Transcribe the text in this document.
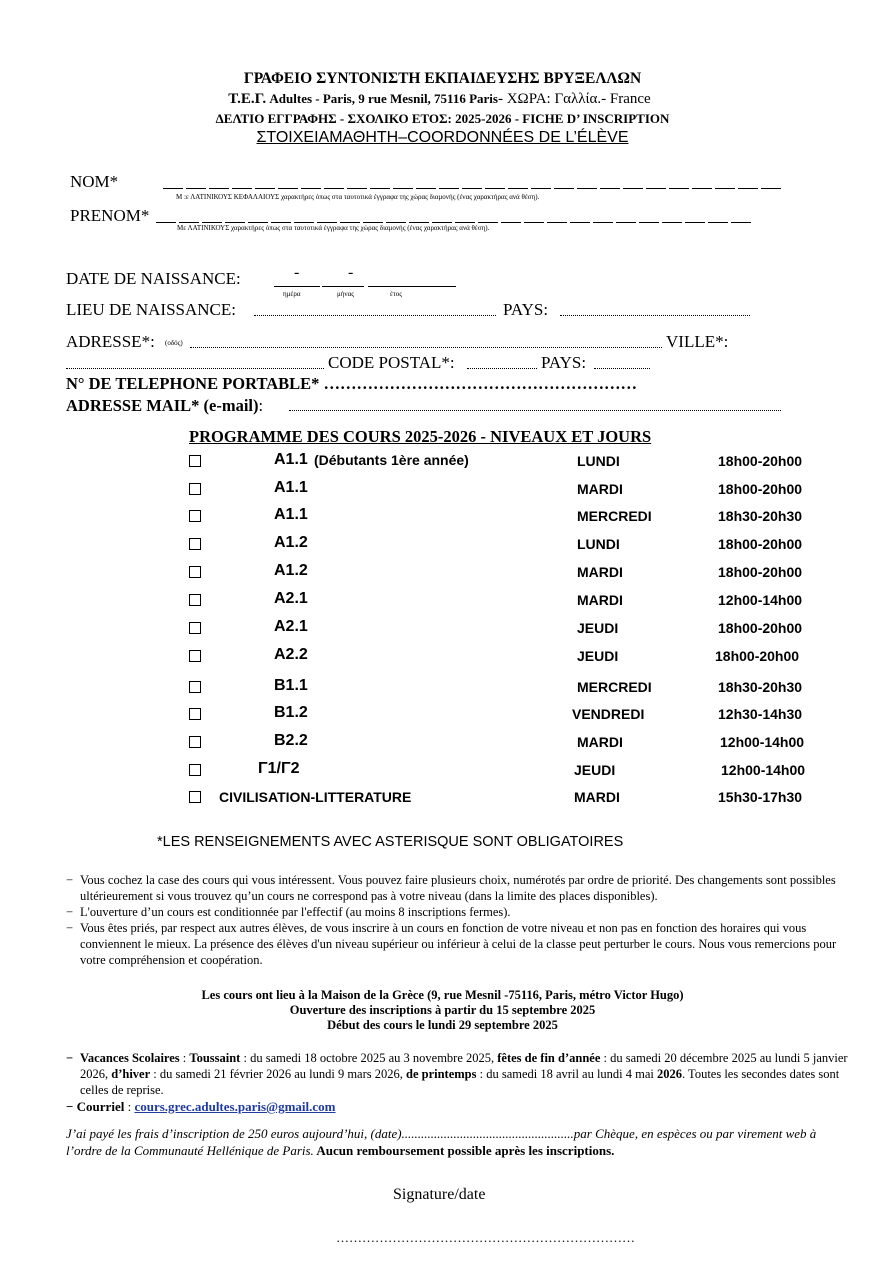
ΓΡΑΦΕΙΟ ΣΥΝΤΟΝΙΣΤΗ ΕΚΠΑΙΔΕΥΣΗΣ ΒΡΥΞΕΛΛΩΝ
Τ.Ε.Γ. Adultes - Paris, 9 rue Mesnil, 75116 Paris- ΧΩΡΑ: Γαλλία.- France
ΔΕΛΤΙΟ ΕΓΓΡΑΦΗΣ - ΣΧΟΛΙΚΟ ΕΤΟΣ: 2025-2026 - FICHE D’ INSCRIPTION
ΣΤΟΙΧΕΙΑΜΑΘΗΤΗ–COORDONNÉES DE L’ÉLÈVE
NOM*
Μ :ε ΛΑΤΙΝΙΚΟΥΣ ΚΕΦΑΛΑΙΟΥΣ χαρακτήρες όπως στα ταυτοτικά έγγραφα της χώρας διαμονής (ένας χαρακτήρας ανά θέση).
PRENOM*
Με ΛΑΤΙΝΙΚΟΥΣ χαρακτήρες όπως στα ταυτοτικά έγγραφα της χώρας διαμονής (ένας χαρακτήρας ανά θέση).
DATE DE NAISSANCE:	-	-
ημέρα	μήνας	έτος
LIEU DE NAISSANCE:	PAYS:
ADRESSE*: (οδός)	VILLE*:
CODE POSTAL*:	PAYS:
N° DE TELEPHONE PORTABLE* …………………………………………………
ADRESSE MAIL* (e-mail):
PROGRAMME DES COURS 2025-2026 - NIVEAUX ET JOURS
A1.1 (Débutants 1ère année)	LUNDI	18h00-20h00
A1.1	MARDI	18h00-20h00
A1.1	MERCREDI	18h30-20h30
A1.2	LUNDI	18h00-20h00
A1.2	MARDI	18h00-20h00
A2.1	MARDI	12h00-14h00
A2.1	JEUDI	18h00-20h00
A2.2	JEUDI	18h00-20h00
B1.1	MERCREDI	18h30-20h30
B1.2	VENDREDI	12h30-14h30
B2.2	MARDI	12h00-14h00
Γ1/Γ2	JEUDI	12h00-14h00
CIVILISATION-LITTERATURE	MARDI	15h30-17h30
*LES RENSEIGNEMENTS AVEC ASTERISQUE SONT OBLIGATOIRES
− Vous cochez la case des cours qui vous intéressent. Vous pouvez faire plusieurs choix, numérotés par ordre de priorité. Des changements sont possibles ultérieurement si vous trouvez qu’un cours ne correspond pas à votre niveau (dans la limite des places disponibles).
− L'ouverture d’un cours est conditionnée par l'effectif (au moins 8 inscriptions fermes).
− Vous êtes priés, par respect aux autres élèves, de vous inscrire à un cours en fonction de votre niveau et non pas en fonction des horaires qui vous conviennent le mieux. La présence des élèves d'un niveau supérieur ou inférieur à celui de la classe peut perturber le cours. Nous vous remercions pour votre compréhension et coopération.
Les cours ont lieu à la Maison de la Grèce (9, rue Mesnil -75116, Paris, métro Victor Hugo)
Ouverture des inscriptions à partir du 15 septembre 2025
Début des cours le lundi 29 septembre 2025
− Vacances Scolaires : Toussaint : du samedi 18 octobre 2025 au 3 novembre 2025, fêtes de fin d’année : du samedi 20 décembre 2025 au lundi 5 janvier 2026, d’hiver : du samedi 21 février 2026 au lundi 9 mars 2026, de printemps : du samedi 18 avril au lundi 4 mai 2026. Toutes les secondes dates sont celles de reprise.
− Courriel : cours.grec.adultes.paris@gmail.com
J’ai payé les frais d’inscription de 250 euros aujourd’hui, (date).....................................................par Chèque, en espèces ou par virement web à l’ordre de la Communauté Hellénique de Paris. Aucun remboursement possible après les inscriptions.
Signature/date
……………………………………………………………
